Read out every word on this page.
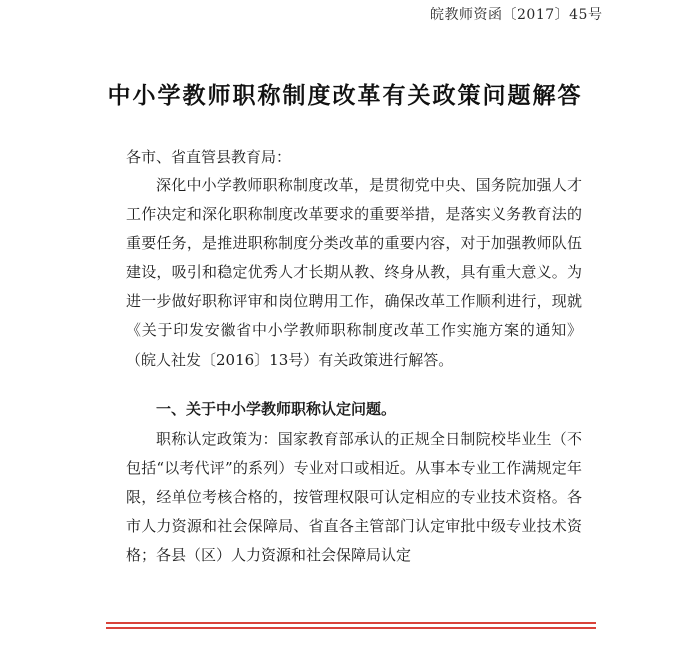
皖教师资函〔2017〕45号
中小学教师职称制度改革有关政策问题解答
各市、省直管县教育局：

深化中小学教师职称制度改革，是贯彻党中央、国务院加强人才工作决定和深化职称制度改革要求的重要举措，是落实义务教育法的重要任务，是推进职称制度分类改革的重要内容，对于加强教师队伍建设，吸引和稳定优秀人才长期从教、终身从教，具有重大意义。为进一步做好职称评审和岗位聘用工作，确保改革工作顺利进行，现就《关于印发安徽省中小学教师职称制度改革工作实施方案的通知》（皖人社发〔2016〕13号）有关政策进行解答。

一、关于中小学教师职称认定问题。

职称认定政策为：国家教育部承认的正规全日制院校毕业生（不包括“以考代评”的系列）专业对口或相近。从事本专业工作满规定年限，经单位考核合格的，按管理权限可认定相应的专业技术资格。各市人力资源和社会保障局、省直各主管部门认定审批中级专业技术资格；各县（区）人力资源和社会保障局认定
